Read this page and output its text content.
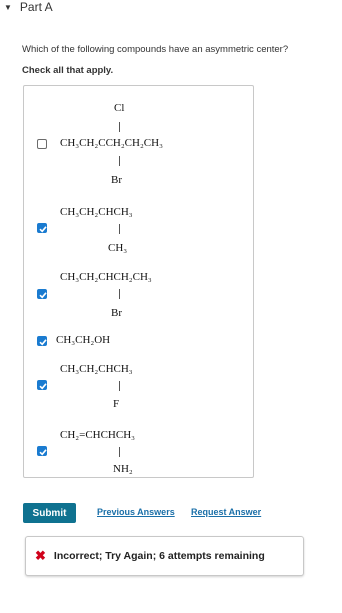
▼ Part A
Which of the following compounds have an asymmetric center?
Check all that apply.
Cl
CH₃CH₂CCH₂CH₂CH₃
Br
CH₃CH₂CHCH₃
CH₃
CH₃CH₂CHCH₂CH₃
Br
CH₃CH₂OH
CH₃CH₂CHCH₃
F
CH₂=CHCHCH₃
NH₂
Submit	Previous Answers Request Answer
✖ Incorrect; Try Again; 6 attempts remaining
